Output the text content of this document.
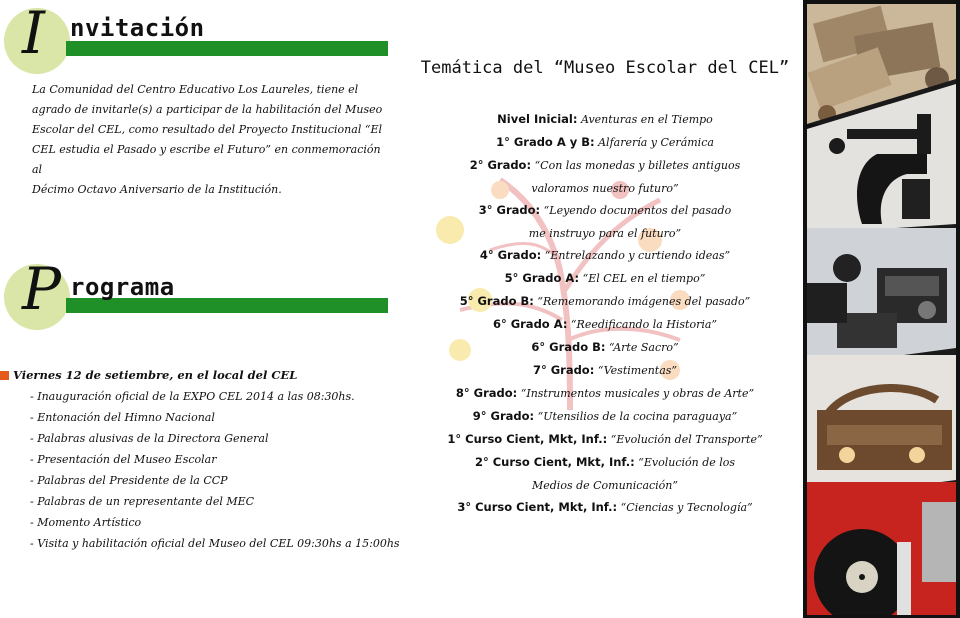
I nvitación
La Comunidad del Centro Educativo Los Laureles, tiene el
agrado de invitarle(s) a participar de la habilitación del Museo
Escolar del CEL, como resultado del Proyecto Institucional “El
CEL estudia el Pasado y escribe el Futuro” en conmemoración al
Décimo Octavo Aniversario de la Institución.
P rograma
Viernes 12 de setiembre, en el local del CEL
- Inauguración oficial de la EXPO CEL 2014 a las 08:30hs.
- Entonación del Himno Nacional
- Palabras alusivas de la Directora General
- Presentación del Museo Escolar
- Palabras del Presidente de la CCP
- Palabras de un representante del MEC
- Momento Artístico
- Visita y habilitación oficial del Museo del CEL 09:30hs a 15:00hs
Temática del “Museo Escolar del CEL”
Nivel Inicial: Aventuras en el Tiempo
1° Grado A y B: Alfarería y Cerámica
2° Grado: “Con las monedas y billetes antiguos
valoramos nuestro futuro”
3° Grado: “Leyendo documentos del pasado
me instruyo para el futuro”
4° Grado: “Entrelazando y curtiendo ideas”
5° Grado A: “El CEL en el tiempo”
5° Grado B: “Rememorando imágenes del pasado”
6° Grado A: “Reedificando la Historia”
6° Grado B: “Arte Sacro”
7° Grado: “Vestimentas”
8° Grado: “Instrumentos musicales y obras de Arte”
9° Grado: “Utensilios de la cocina paraguaya”
1° Curso Cient, Mkt, Inf.: “Evolución del Transporte”
2° Curso Cient, Mkt, Inf.: “Evolución de los
Medios de Comunicación”
3° Curso Cient, Mkt, Inf.: “Ciencias y Tecnología”
